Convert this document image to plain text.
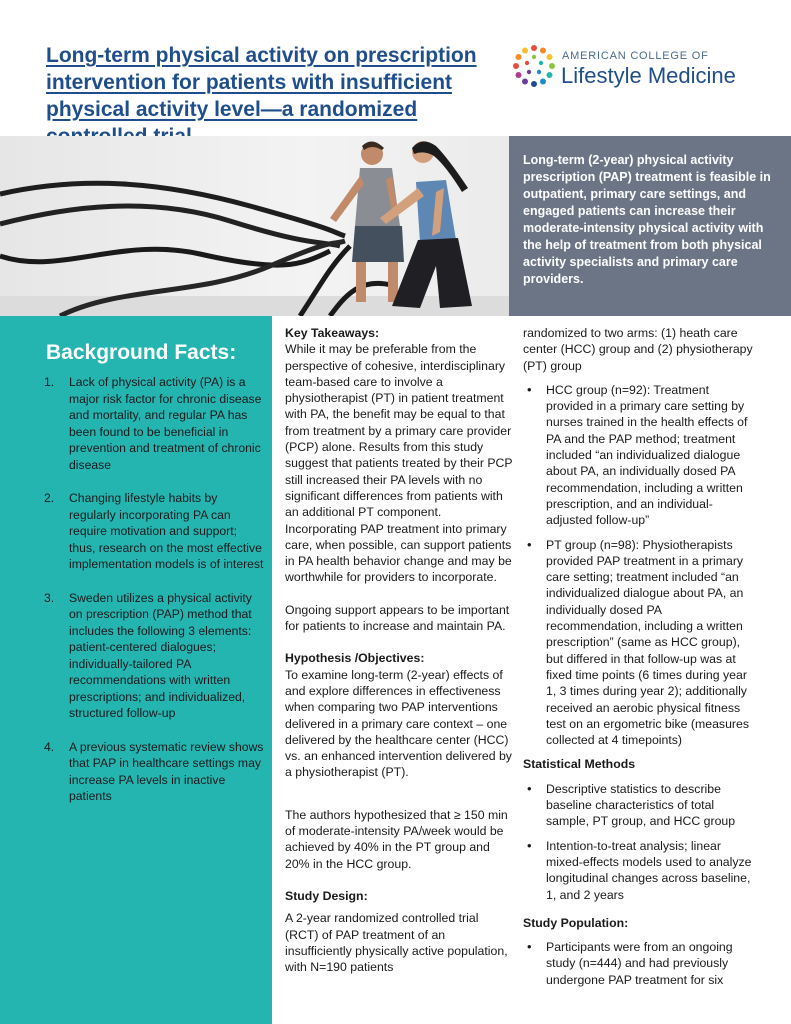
Long-term physical activity on prescription intervention for patients with insufficient physical activity level—a randomized
AMERICAN COLLEGE OF
Lifestyle Medicine

Long-term (2-year) physical activity prescription (PAP) treatment is feasible in outpatient, primary care settings, and engaged patients can increase their moderate-intensity physical activity with the help of treatment from both physical activity specialists and primary care providers.

Background Facts:
1. Lack of physical activity (PA) is a major risk factor for chronic disease and mortality, and regular PA has been found to be beneficial in prevention and treatment of chronic disease
2. Changing lifestyle habits by regularly incorporating PA can require motivation and support; thus, research on the most effective implementation models is of interest
3. Sweden utilizes a physical activity on prescription (PAP) method that includes the following 3 elements: patient-centered dialogues; individually-tailored PA recommendations with written prescriptions; and individualized, structured follow-up
4. A previous systematic review shows that PAP in healthcare settings may increase PA levels in inactive patients

Key Takeaways:

While it may be preferable from the perspective of cohesive, interdisciplinary team-based care to involve a physiotherapist (PT) in patient treatment with PA, the benefit may be equal to that from treatment by a primary care provider (PCP) alone. Results from this study suggest that patients treated by their PCP still increased their PA levels with no significant differences from patients with an additional PT component. Incorporating PAP treatment into primary care, when possible, can support patients in PA health behavior change and may be worthwhile for providers to incorporate.

Ongoing support appears to be important for patients to increase and maintain PA.

Hypothesis /Objectives:

To examine long-term (2-year) effects of and explore differences in effectiveness when comparing two PAP interventions delivered in a primary care context – one delivered by the healthcare center (HCC) vs. an enhanced intervention delivered by a physiotherapist (PT).

The authors hypothesized that ≥ 150 min of moderate-intensity PA/week would be achieved by 40% in the PT group and 20% in the HCC group.

Study Design:

A 2-year randomized controlled trial (RCT) of PAP treatment of an insufficiently physically active population, with N=190 patients

randomized to two arms: (1) heath care center (HCC) group and (2) physiotherapy (PT) group

• HCC group (n=92): Treatment provided in a primary care setting by nurses trained in the health effects of PA and the PAP method; treatment included “an individualized dialogue about PA, an individually dosed PA recommendation, including a written prescription, and an individual-adjusted follow-up”
• PT group (n=98): Physiotherapists provided PAP treatment in a primary care setting; treatment included “an individualized dialogue about PA, an individually dosed PA recommendation, including a written prescription” (same as HCC group), but differed in that follow-up was at fixed time points (6 times during year 1, 3 times during year 2); additionally received an aerobic physical fitness test on an ergometric bike (measures collected at 4 timepoints)

Statistical Methods

• Descriptive statistics to describe baseline characteristics of total sample, PT group, and HCC group
• Intention-to-treat analysis; linear mixed-effects models used to analyze longitudinal changes across baseline, 1, and 2 years

Study Population:

• Participants were from an ongoing study (n=444) and had previously undergone PAP treatment for six
